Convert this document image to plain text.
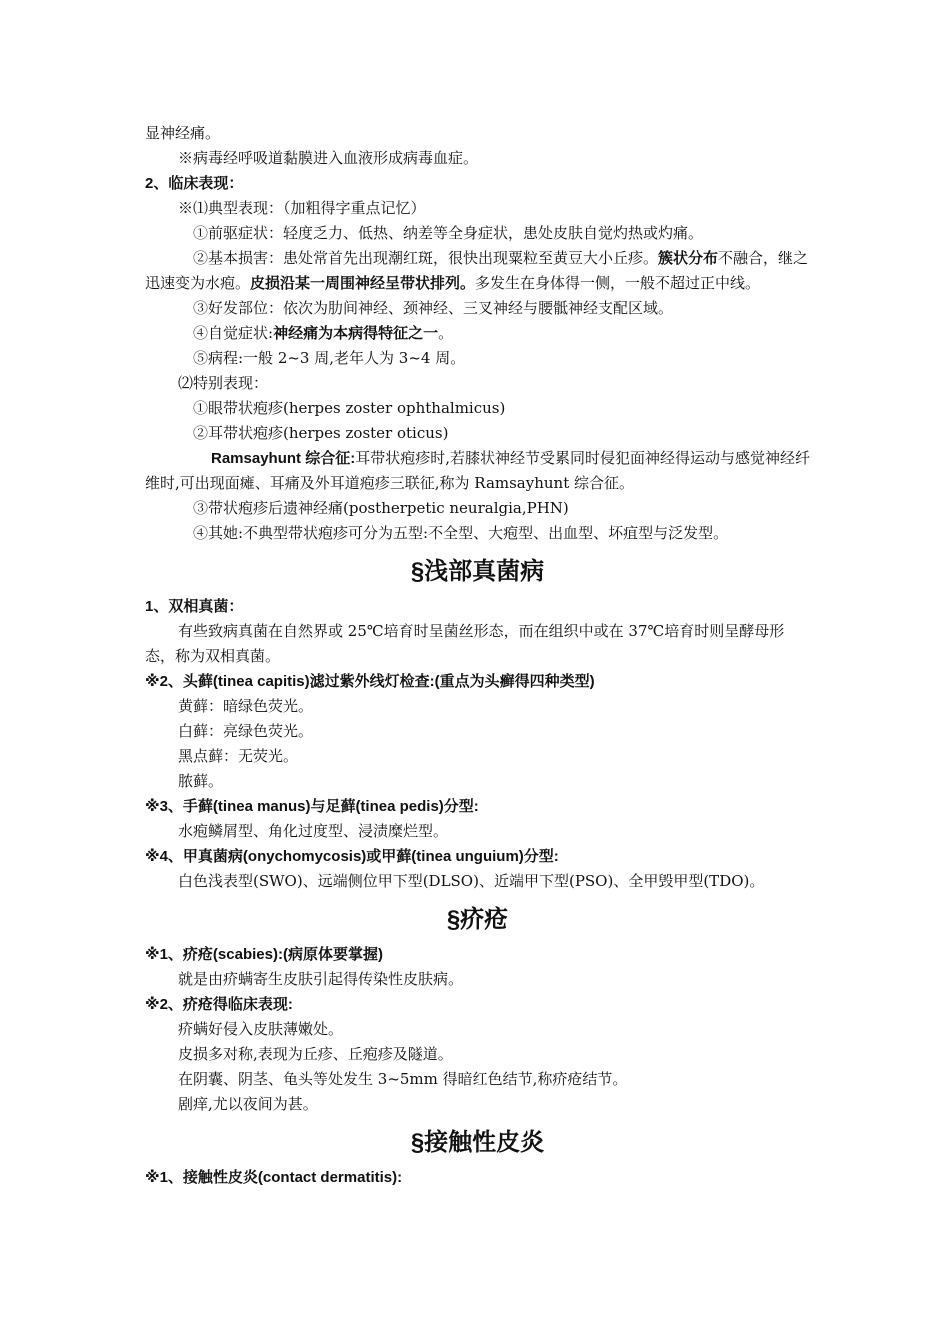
显神经痛。
※病毒经呼吸道黏膜进入血液形成病毒血症。
2、临床表现：
※⑴典型表现：（加粗得字重点记忆）
①前驱症状：轻度乏力、低热、纳差等全身症状，患处皮肤自觉灼热或灼痛。
②基本损害：患处常首先出现潮红斑，很快出现粟粒至黄豆大小丘疹。簇状分布不融合，继之迅速变为水疱。皮损沿某一周围神经呈带状排列。多发生在身体得一侧，一般不超过正中线。
③好发部位：依次为肋间神经、颈神经、三叉神经与腰骶神经支配区域。
④自觉症状:神经痛为本病得特征之一。
⑤病程:一般 2~3 周,老年人为 3~4 周。
⑵特别表现：
①眼带状疱疹(herpes zoster ophthalmicus)
②耳带状疱疹(herpes zoster oticus)
Ramsayhunt 综合征:耳带状疱疹时,若膝状神经节受累同时侵犯面神经得运动与感觉神经纤维时,可出现面瘫、耳痛及外耳道疱疹三联征,称为 Ramsayhunt 综合征。
③带状疱疹后遗神经痛(postherpetic neuralgia,PHN)
④其她:不典型带状疱疹可分为五型:不全型、大疱型、出血型、坏疽型与泛发型。
§浅部真菌病
1、双相真菌：
有些致病真菌在自然界或 25℃培育时呈菌丝形态，而在组织中或在 37℃培育时则呈酵母形态，称为双相真菌。
※2、头藓(tinea capitis)滤过紫外线灯检查:(重点为头癣得四种类型)
黄藓：暗绿色荧光。
白藓：亮绿色荧光。
黑点藓：无荧光。
脓藓。
※3、手藓(tinea manus)与足藓(tinea pedis)分型:
水疱鳞屑型、角化过度型、浸渍糜烂型。
※4、甲真菌病(onychomycosis)或甲藓(tinea unguium)分型:
白色浅表型(SWO)、远端侧位甲下型(DLSO)、近端甲下型(PSO)、全甲毁甲型(TDO)。
§疥疮
※1、疥疮(scabies):(病原体要掌握)
就是由疥螨寄生皮肤引起得传染性皮肤病。
※2、疥疮得临床表现:
疥螨好侵入皮肤薄嫩处。
皮损多对称,表现为丘疹、丘疱疹及隧道。
在阴囊、阴茎、龟头等处发生 3~5mm 得暗红色结节,称疥疮结节。
剧痒,尤以夜间为甚。
§接触性皮炎
※1、接触性皮炎(contact dermatitis):
